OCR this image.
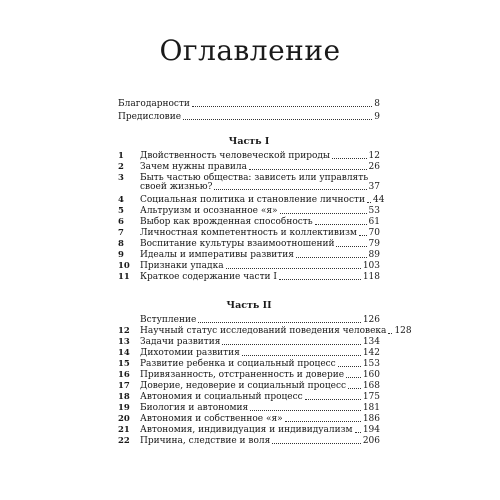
Оглавление
Благодарности	8
Предисловие	9
Часть I
1	Двойственность человеческой природы	12
2	Зачем нужны правила	26
3	Быть частью общества: зависеть или управлять
своей жизнью?	37
4	Социальная политика и становление личности 44
5	Альтруизм и осознанное «я»	53
6	Выбор как врожденная способность	61
7	Личностная компетентность и коллективизм 70
8	Воспитание культуры взаимоотношений	79
9	Идеалы и императивы развития	89
10 Признаки упадка	103
11 Краткое содержание части I	118
Часть II
Вступление	126
12 Научный статус исследований поведения человека 128
13 Задачи развития	134
14 Дихотомии развития	142
15 Развитие ребенка и социальный процесс	153
16 Привязанность, отстраненность и доверие 160
17 Доверие, недоверие и социальный процесс 168
18 Автономия и социальный процесс	175
19 Биология и автономия	181
20 Автономия и собственное «я»	186
21 Автономия, индивидуация и индивидуализм 194
22 Причина, следствие и воля	206
